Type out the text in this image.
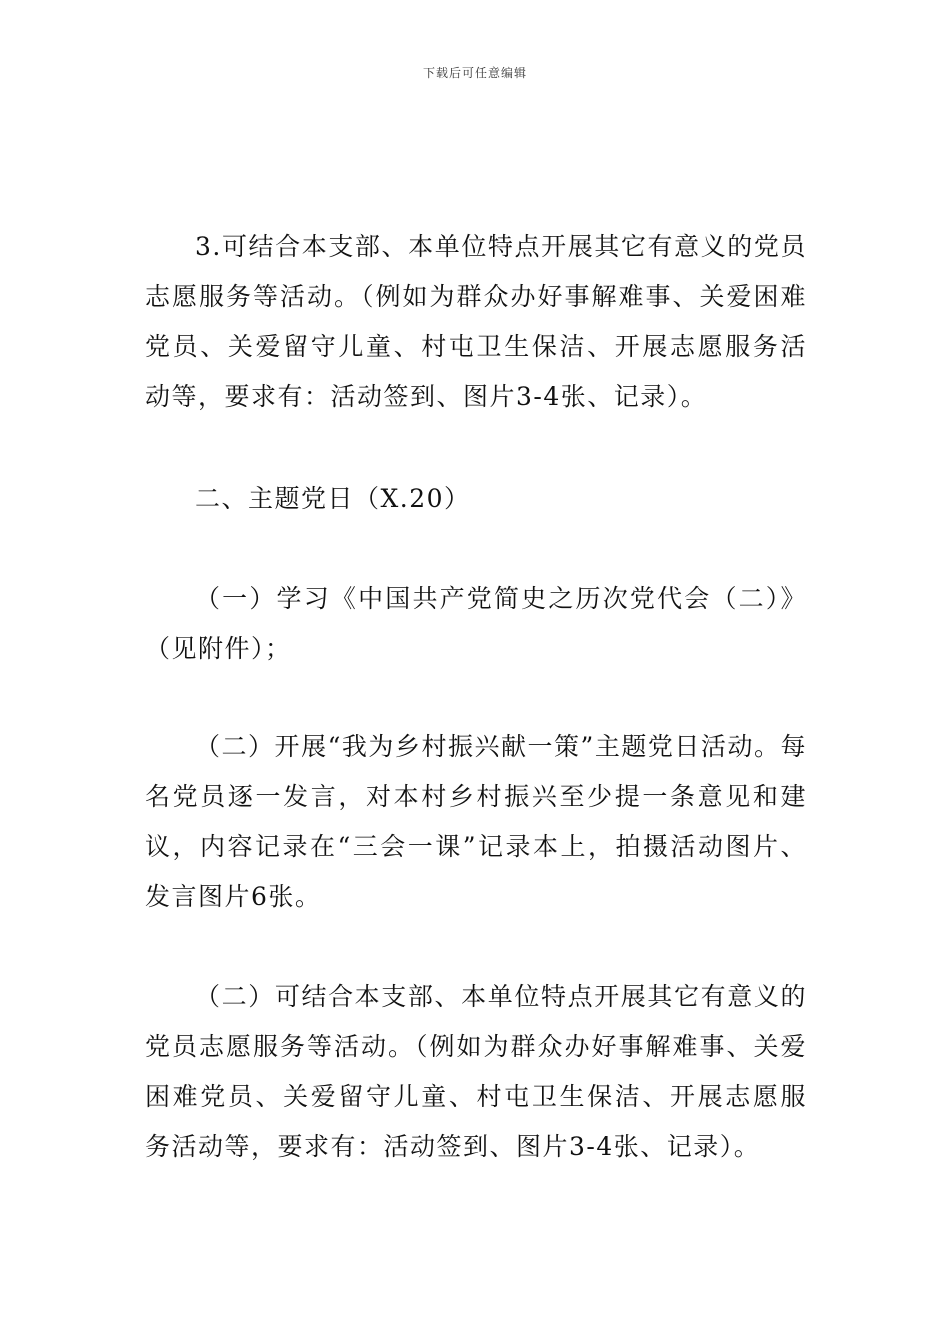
下载后可任意编辑

3.可结合本支部、本单位特点开展其它有意义的党员志愿服务等活动。（例如为群众办好事解难事、关爱困难党员、关爱留守儿童、村屯卫生保洁、开展志愿服务活动等，要求有：活动签到、图片3-4张、记录）。

二、主题党日（X.20）

（一）学习《中国共产党简史之历次党代会（二）》（见附件）；

（二）开展“我为乡村振兴献一策”主题党日活动。每名党员逐一发言，对本村乡村振兴至少提一条意见和建议，内容记录在“三会一课”记录本上，拍摄活动图片、发言图片6张。

（二）可结合本支部、本单位特点开展其它有意义的党员志愿服务等活动。（例如为群众办好事解难事、关爱困难党员、关爱留守儿童、村屯卫生保洁、开展志愿服务活动等，要求有：活动签到、图片3-4张、记录）。
